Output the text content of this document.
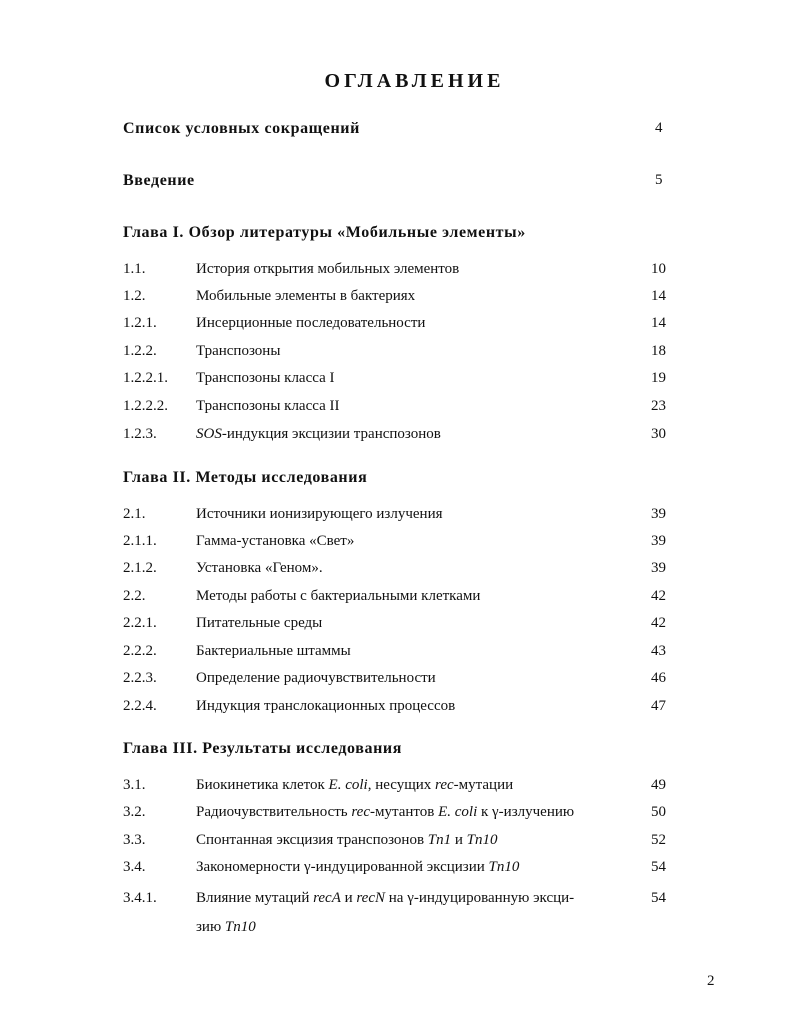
ОГЛАВЛЕНИЕ
Список условных сокращений	4
Введение	5
Глава I. Обзор литературы «Мобильные элементы»
1.1.	История открытия мобильных элементов	10
1.2.	Мобильные элементы в бактериях	14
1.2.1.	Инсерционные последовательности	14
1.2.2.	Транспозоны	18
1.2.2.1. Транспозоны класса I	19
1.2.2.2. Транспозоны класса II	23
1.2.3.	SOS-индукция эксцизии транспозонов	30
Глава II. Методы исследования
2.1.	Источники ионизирующего излучения	39
2.1.1.	Гамма-установка «Свет»	39
2.1.2.	Установка «Геном».	39
2.2.	Методы работы с бактериальными клетками	42
2.2.1.	Питательные среды	42
2.2.2.	Бактериальные штаммы	43
2.2.3.	Определение радиочувствительности	46
2.2.4.	Индукция транслокационных процессов	47
Глава III. Результаты исследования
3.1.	Биокинетика клеток E. coli, несущих rec-мутации	49
3.2.	Радиочувствительность rec-мутантов E. coli к γ-излучению	50
3.3.	Спонтанная эксцизия транспозонов Tn1 и Tn10	52
3.4.	Закономерности γ-индуцированной эксцизии Tn10	54
3.4.1.	Влияние мутаций recA и recN на γ-индуцированную эксци-	54
зию Tn10
2
